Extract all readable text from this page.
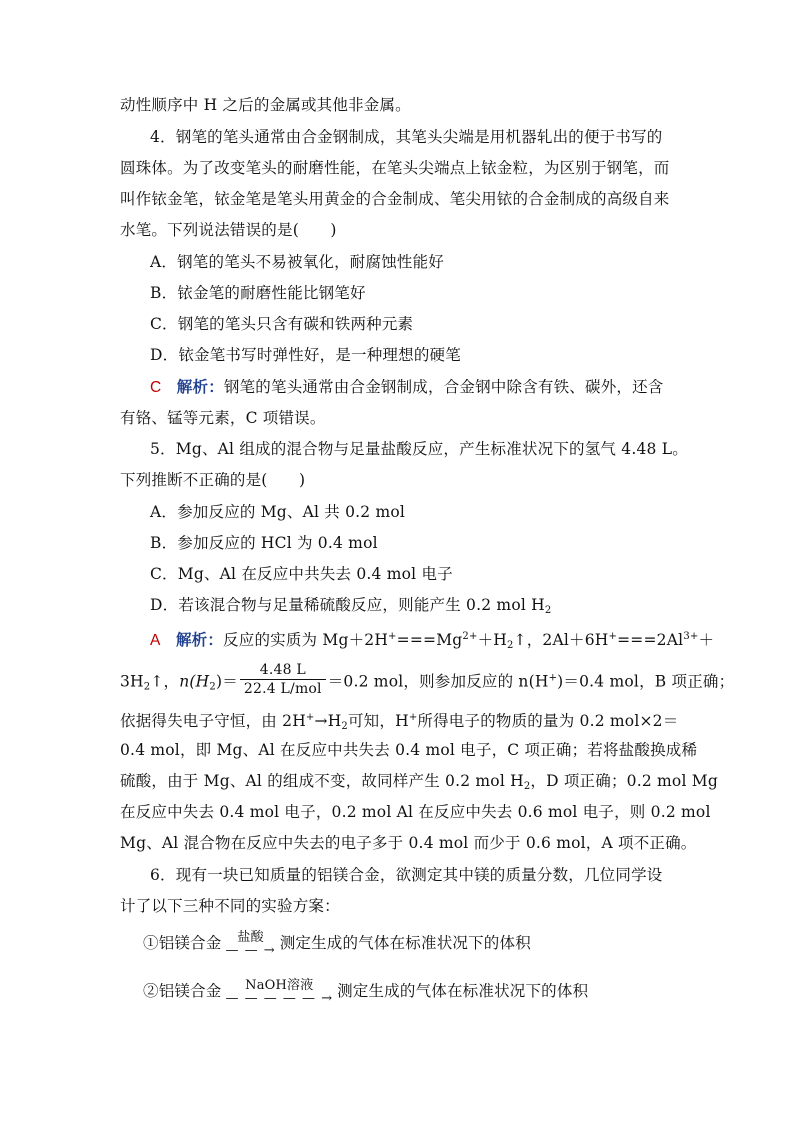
动性顺序中 H 之后的金属或其他非金属。
4．钢笔的笔头通常由合金钢制成，其笔头尖端是用机器轧出的便于书写的
圆珠体。为了改变笔头的耐磨性能，在笔头尖端点上铱金粒，为区别于钢笔，而
叫作铱金笔，铱金笔是笔头用黄金的合金制成、笔尖用铱的合金制成的高级自来
水笔。下列说法错误的是(　　)
A．钢笔的笔头不易被氧化，耐腐蚀性能好
B．铱金笔的耐磨性能比钢笔好
C．钢笔的笔头只含有碳和铁两种元素
D．铱金笔书写时弹性好，是一种理想的硬笔
C 解析：钢笔的笔头通常由合金钢制成，合金钢中除含有铁、碳外，还含
有铬、锰等元素，C 项错误。
5．Mg、Al 组成的混合物与足量盐酸反应，产生标准状况下的氢气 4.48 L。
下列推断不正确的是(　　)
A．参加反应的 Mg、Al 共 0.2 mol
B．参加反应的 HCl 为 0.4 mol
C．Mg、Al 在反应中共失去 0.4 mol 电子
D．若该混合物与足量稀硫酸反应，则能产生 0.2 mol $H_2$
A 解析：反应的实质为 $Mg+2H^+===Mg^{2+}+H_2↑$，$2Al+6H^+===2Al^{3+}+$
$3H_2↑$，$n(H_2)= \frac{4.48 L}{\text{22.4 L/mol}} =0.2$ mol，则参加反应的 n(H+)＝0.4 mol，B 项正确；
依据得失电子守恒，由 $2H^+\to H_2$可知，H+所得电子的物质的量为 0.2 mol×2＝
0.4 mol，即 Mg、Al 在反应中共失去 0.4 mol 电子，C 项正确；若将盐酸换成稀
硫酸，由于 Mg、Al 的组成不变，故同样产生 0.2 mol $H_2$，D 项正确；0.2 mol Mg
在反应中失去 0.4 mol 电子，0.2 mol Al 在反应中失去 0.6 mol 电子，则 0.2 mol
Mg、Al 混合物在反应中失去的电子多于 0.4 mol 而少于 0.6 mol，A 项不正确。
6．现有一块已知质量的铝镁合金，欲测定其中镁的质量分数，几位同学设
计了以下三种不同的实验方案：
①铝镁合金	盐酸
— — → 测定生成的气体在标准状况下的体积
②铝镁合金	NaOH溶液
— — — — — → 测定生成的气体在标准状况下的体积
